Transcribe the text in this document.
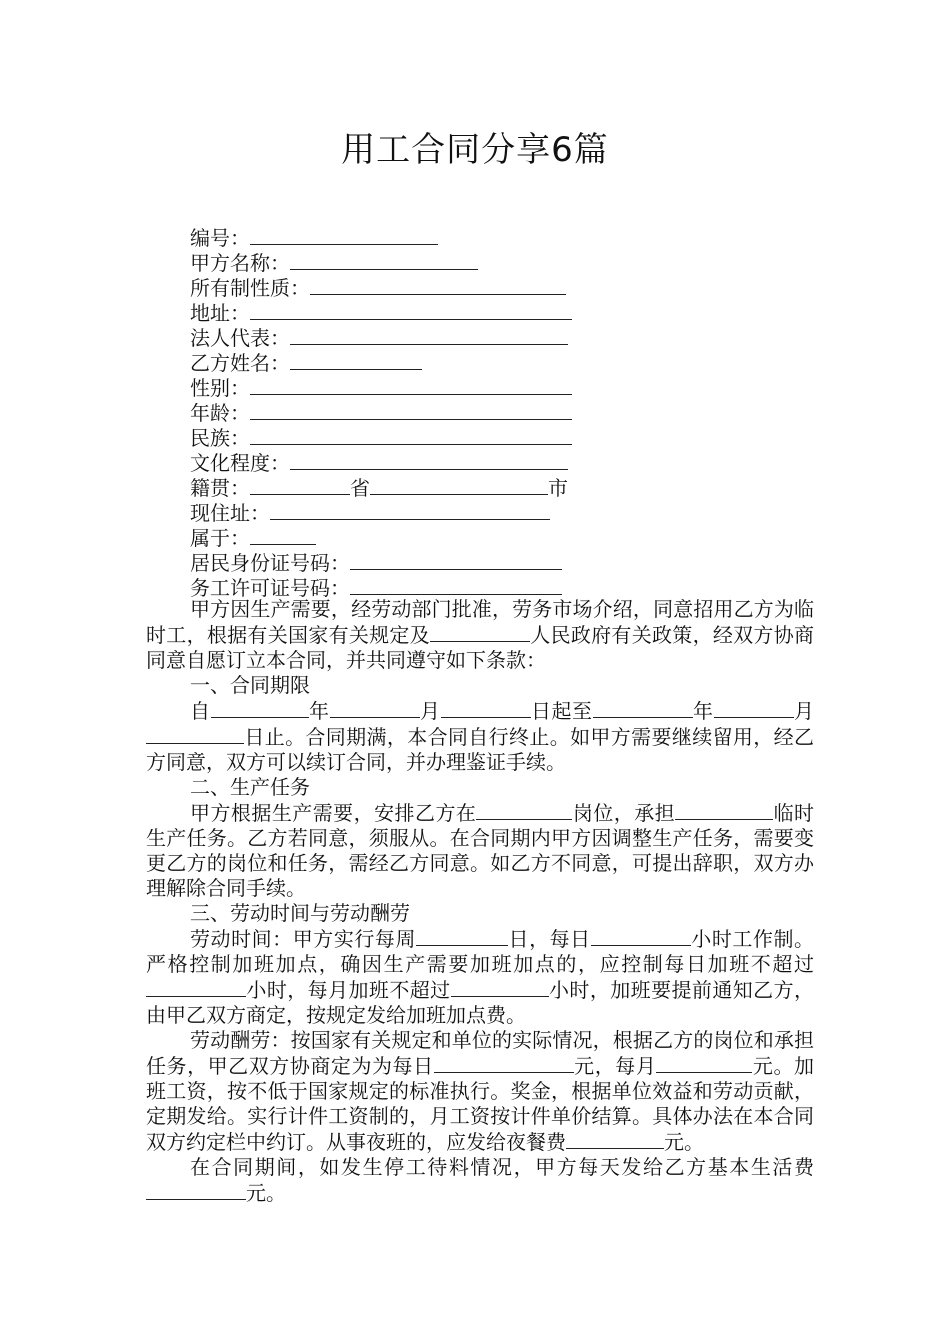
用工合同分享6篇
编号：
甲方名称：
所有制性质：
地址：
法人代表：
乙方姓名：
性别：
年龄：
民族：
文化程度：
籍贯：	省	市
现住址：
属于：
居民身份证号码：
务工许可证号码：

甲方因生产需要，经劳动部门批准，劳务市场介绍，同意招用乙方为临时工，根据有关国家有关规定及	人民政府有关政策，经双方协商同意自愿订立本合同，并共同遵守如下条款：

一、合同期限

自	年	月	日起至	年	月日止。合同期满，本合同自行终止。如甲方需要继续留用，经乙方同意，双方可以续订合同，并办理鉴证手续。

二、生产任务

甲方根据生产需要，安排乙方在	岗位，承担	临时生产任务。乙方若同意，须服从。在合同期内甲方因调整生产任务，需要变更乙方的岗位和任务，需经乙方同意。如乙方不同意，可提出辞职，双方办理解除合同手续。

三、劳动时间与劳动酬劳

劳动时间：甲方实行每周	日，每日	小时工作制。严格控制加班加点，确因生产需要加班加点的，应控制每日加班不超过小时，每月加班不超过	小时，加班要提前通知乙方，由甲乙双方商定，按规定发给加班加点费。

劳动酬劳：按国家有关规定和单位的实际情况，根据乙方的岗位和承担任务，甲乙双方协商定为为每日	元，每月	元。加班工资，按不低于国家规定的标准执行。奖金，根据单位效益和劳动贡献，定期发给。实行计件工资制的，月工资按计件单价结算。具体办法在本合同双方约定栏中约订。从事夜班的，应发给夜餐费	元。

在合同期间，如发生停工待料情况，甲方每天发给乙方基本生活费元。
